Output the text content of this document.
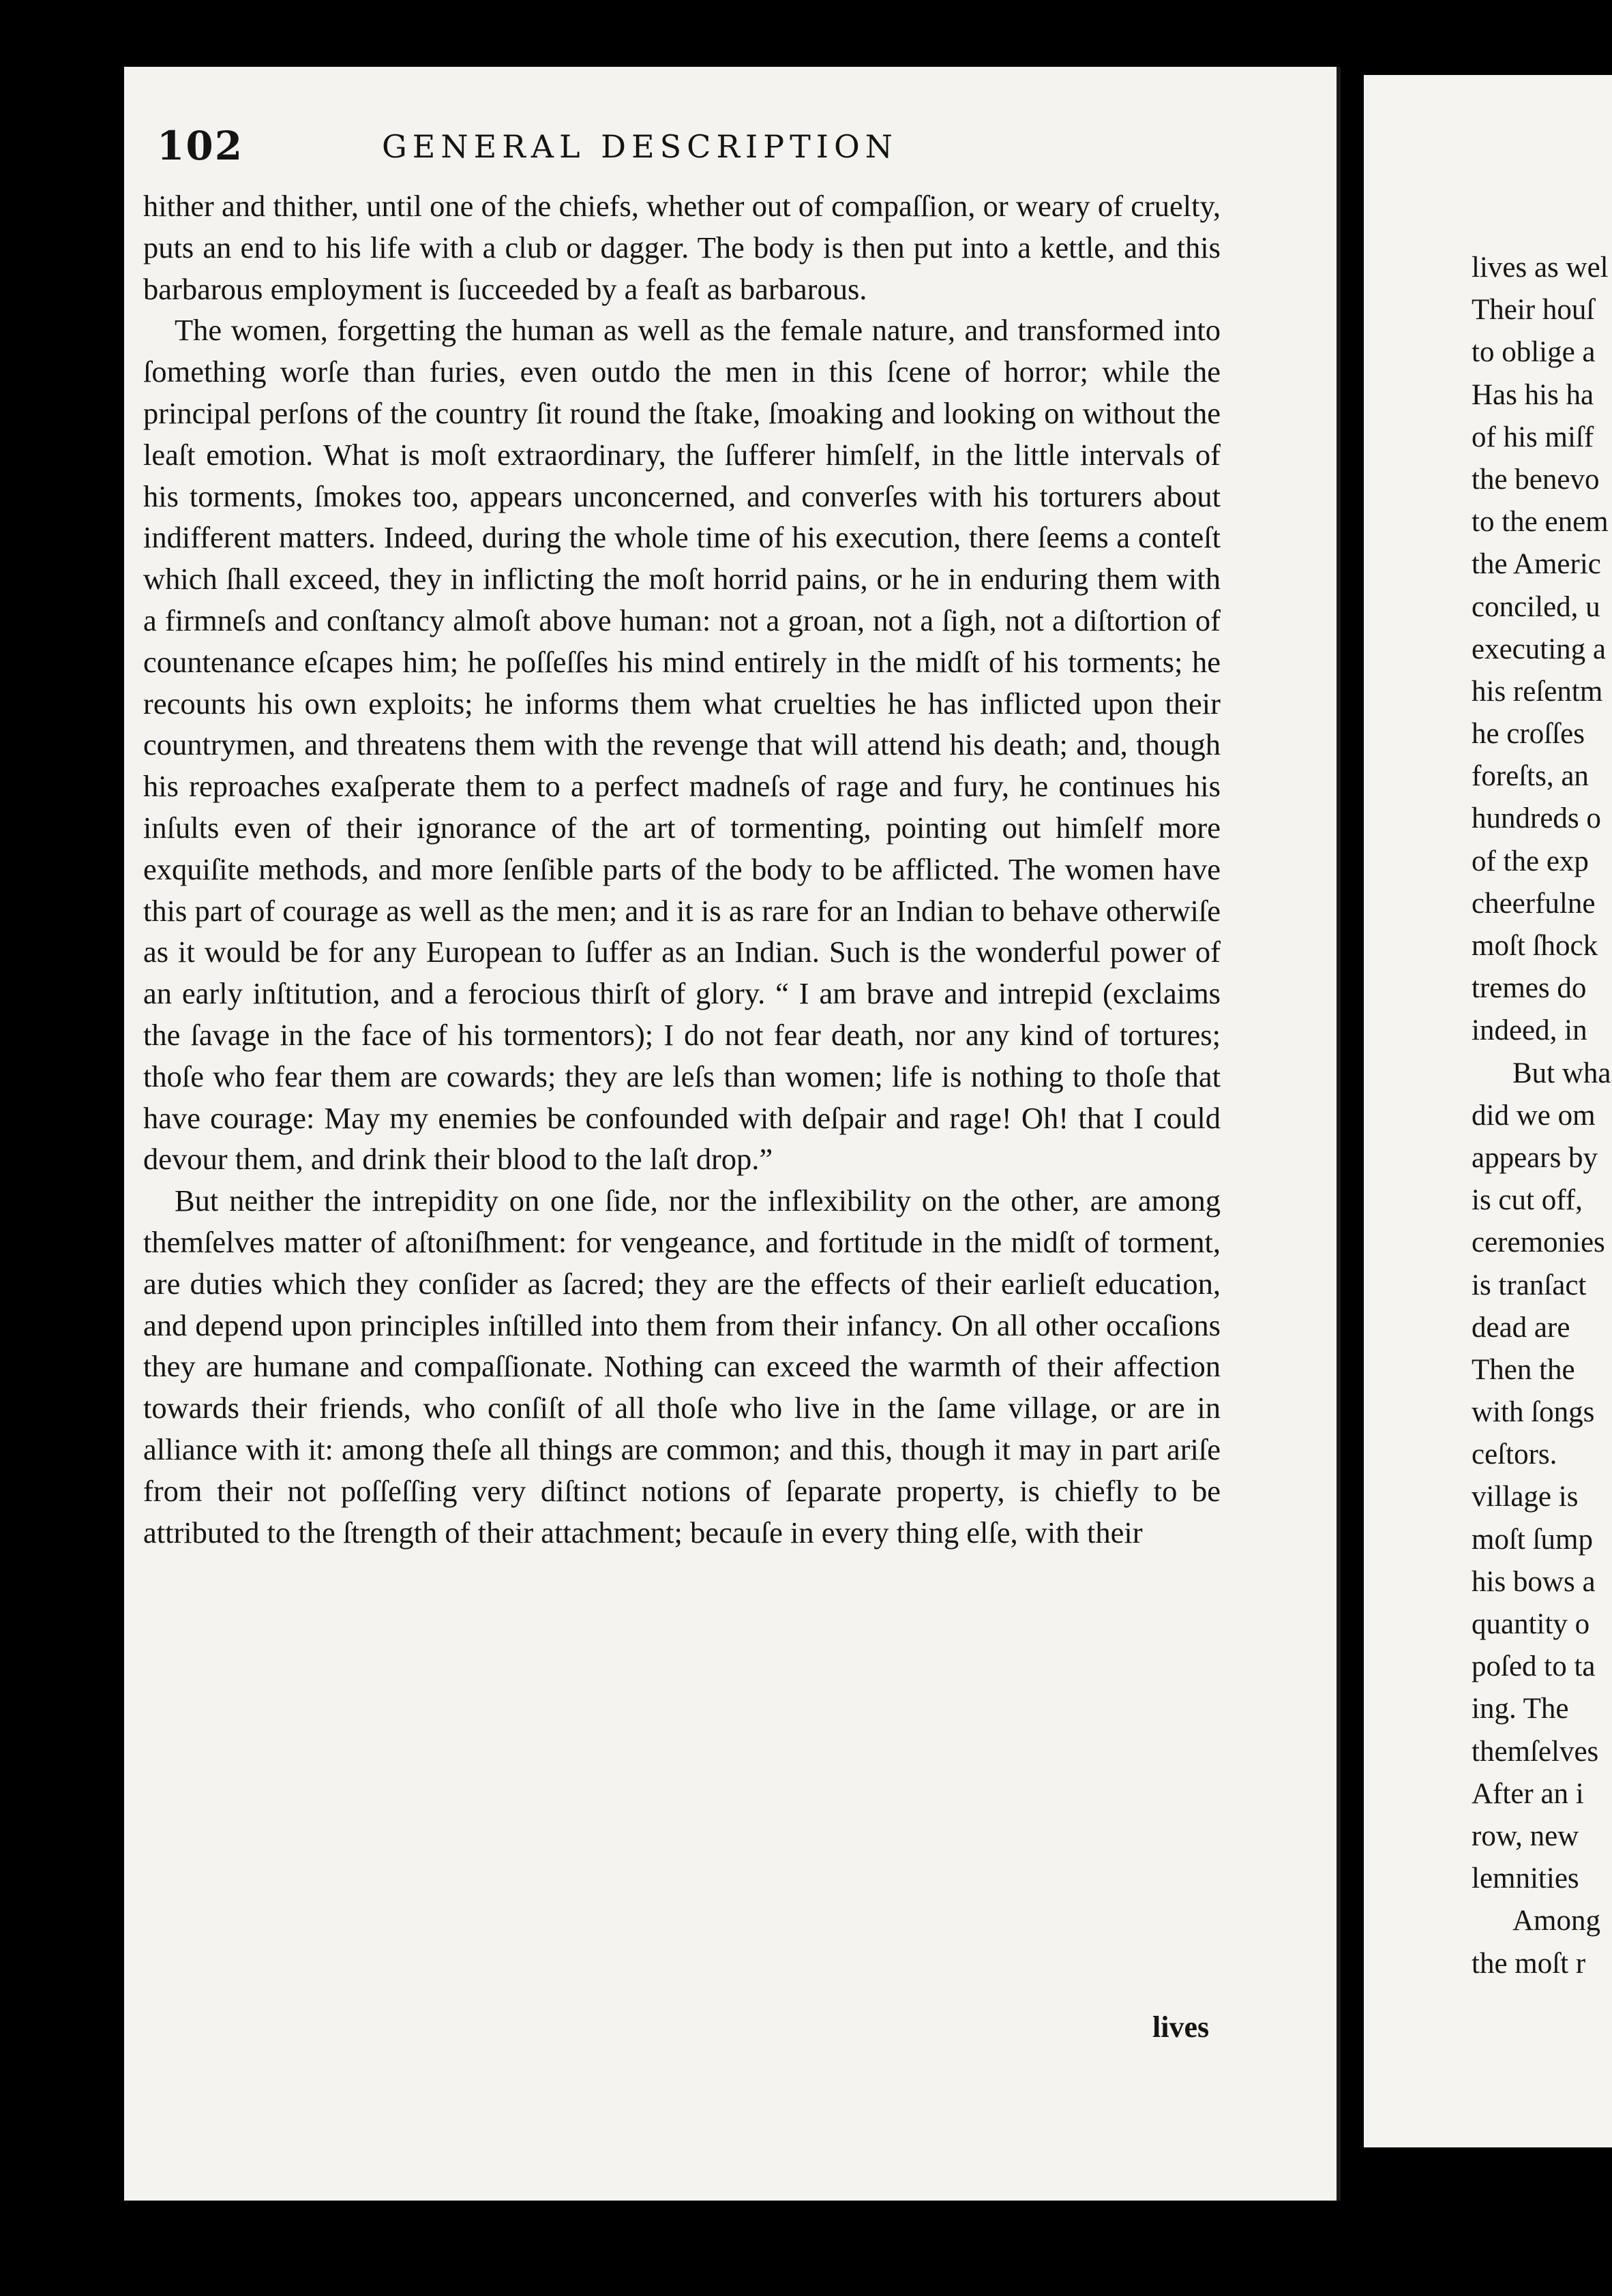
102	GENERAL DESCRIPTION

hither and thither, until one of the chiefs, whether out of compaſſion, or weary of cruelty, puts an end to his life with a club or dagger. The body is then put into a kettle, and this barbarous employment is ſucceeded by a feaſt as barbarous.

The women, forgetting the human as well as the female nature, and transformed into ſomething worſe than furies, even outdo the men in this ſcene of horror; while the principal perſons of the country ſit round the ſtake, ſmoaking and looking on without the leaſt emotion. What is moſt extraordinary, the ſufferer himſelf, in the little intervals of his torments, ſmokes too, appears unconcerned, and converſes with his torturers about indifferent matters. Indeed, during the whole time of his execution, there ſeems a conteſt which ſhall exceed, they in inflicting the moſt horrid pains, or he in enduring them with a firmneſs and conſtancy almoſt above human: not a groan, not a ſigh, not a diſtortion of countenance eſcapes him; he poſſeſſes his mind entirely in the midſt of his torments; he recounts his own exploits; he informs them what cruelties he has inflicted upon their countrymen, and threatens them with the revenge that will attend his death; and, though his reproaches exaſperate them to a perfect madneſs of rage and fury, he continues his inſults even of their ignorance of the art of tormenting, pointing out himſelf more exquiſite methods, and more ſenſible parts of the body to be afflicted. The women have this part of courage as well as the men; and it is as rare for an Indian to behave otherwiſe as it would be for any European to ſuffer as an Indian. Such is the wonderful power of an early inſtitution, and a ferocious thirſt of glory. “ I am brave and intrepid (exclaims the ſavage in the face of his tormentors); I do not fear death, nor any kind of tortures; thoſe who fear them are cowards; they are leſs than women; life is nothing to thoſe that have courage: May my enemies be confounded with deſpair and rage! Oh! that I could devour them, and drink their blood to the laſt drop.”

But neither the intrepidity on one ſide, nor the inflexibility on the other, are among themſelves matter of aſtoniſhment: for vengeance, and fortitude in the midſt of torment, are duties which they conſider as ſacred; they are the effects of their earlieſt education, and depend upon principles inſtilled into them from their infancy. On all other occaſions they are humane and compaſſionate. Nothing can exceed the warmth of their affection towards their friends, who conſiſt of all thoſe who live in the ſame village, or are in alliance with it: among theſe all things are common; and this, though it may in part ariſe from their not poſſeſſing very diſtinct notions of ſeparate property, is chiefly to be attributed to the ſtrength of their attachment; becauſe in every thing elſe, with their

lives
lives as wel
Their houſ
to oblige a
Has his ha
of his miſf
the benevo
to the enem
the Americ
conciled, u
executing a
his reſentm
he croſſes
foreſts, an
hundreds o
of the exp
cheerfulne
moſt ſhock
tremes do
indeed, in
But wha
did we om
appears by
is cut off,
ceremonies
is tranſact
dead are
Then the
with ſongs
ceſtors.
village is
moſt ſump
his bows a
quantity o
poſed to ta
ing. The
themſelves
After an i
row, new
lemnities
Among
the moſt r
